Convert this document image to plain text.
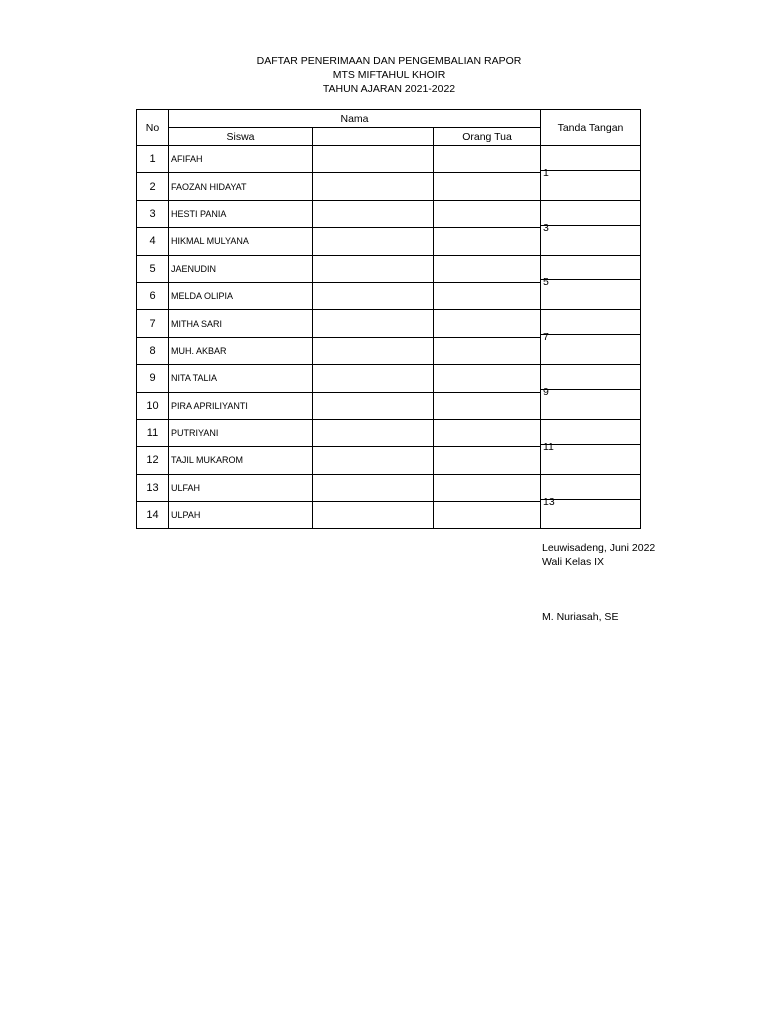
DAFTAR PENERIMAAN DAN PENGEMBALIAN RAPOR
MTS MIFTAHUL KHOIR
TAHUN AJARAN 2021-2022
No	Nama			Tanda Tangan
	Siswa		Orang Tua	
1	AFIFAH			1

2	FAOZAN HIDAYAT			
3	HESTI PANIA			3

4	HIKMAL MULYANA			
5	JAENUDIN			5

6	MELDA OLIPIA			
7	MITHA SARI			7

8	MUH. AKBAR			
9	NITA TALIA			9

10	PIRA APRILIYANTI			
11	PUTRIYANI			11

12	TAJIL MUKAROM			
13	ULFAH			13

14	ULPAH			
Leuwisadeng, Juni 2022
Wali Kelas IX
M. Nuriasah, SE
